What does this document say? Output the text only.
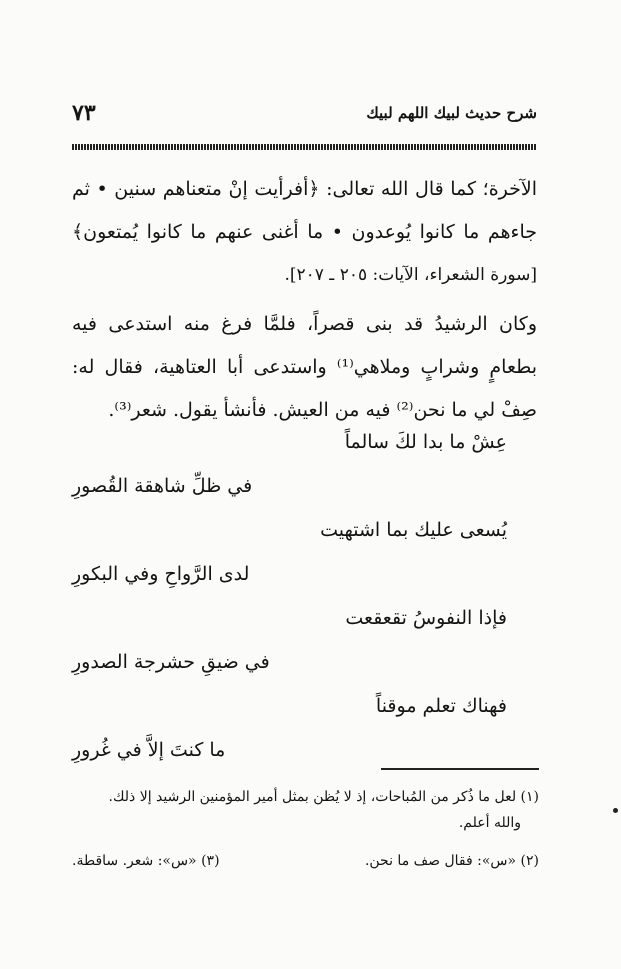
٧٣	شرح حديث لبيك اللهم لبيك
الآخرة؛ كما قال الله تعالى: ﴿أفرأيت إنْ متعناهم سنين • ثم
جاءهم ما كانوا يُوعدون • ما أغنى عنهم ما كانوا يُمتعون﴾
[سورة الشعراء، الآيات: ٢٠٥ ـ ٢٠٧].
وكان الرشيدُ قد بنى قصراً، فلمَّا فرغ منه استدعى فيه
بطعامٍ وشرابٍ وملاهي⁽¹⁾ واستدعى أبا العتاهية، فقال له:
صِفْ لي ما نحن⁽²⁾ فيه من العيش. فأنشأ يقول. شعر⁽³⁾.
عِشْ ما بدا لكَ سالماً
في ظلِّ شاهقة القُصورِ
يُسعى عليك بما اشتهيت
لدى الرَّواحِ وفي البكورِ
فإذا النفوسُ تقعقعت
في ضيقِ حشرجة الصدورِ
فهناك تعلم موقناً
ما كنتَ إلاَّ في غُرورِ
(١) لعل ما ذُكر من المُباحات، إذ لا يُظن بمثل أمير المؤمنين الرشيد إلا ذلك.
والله أعلم.
(٢) «س»: فقال صف ما نحن.
(٣) «س»: شعر. ساقطة.
